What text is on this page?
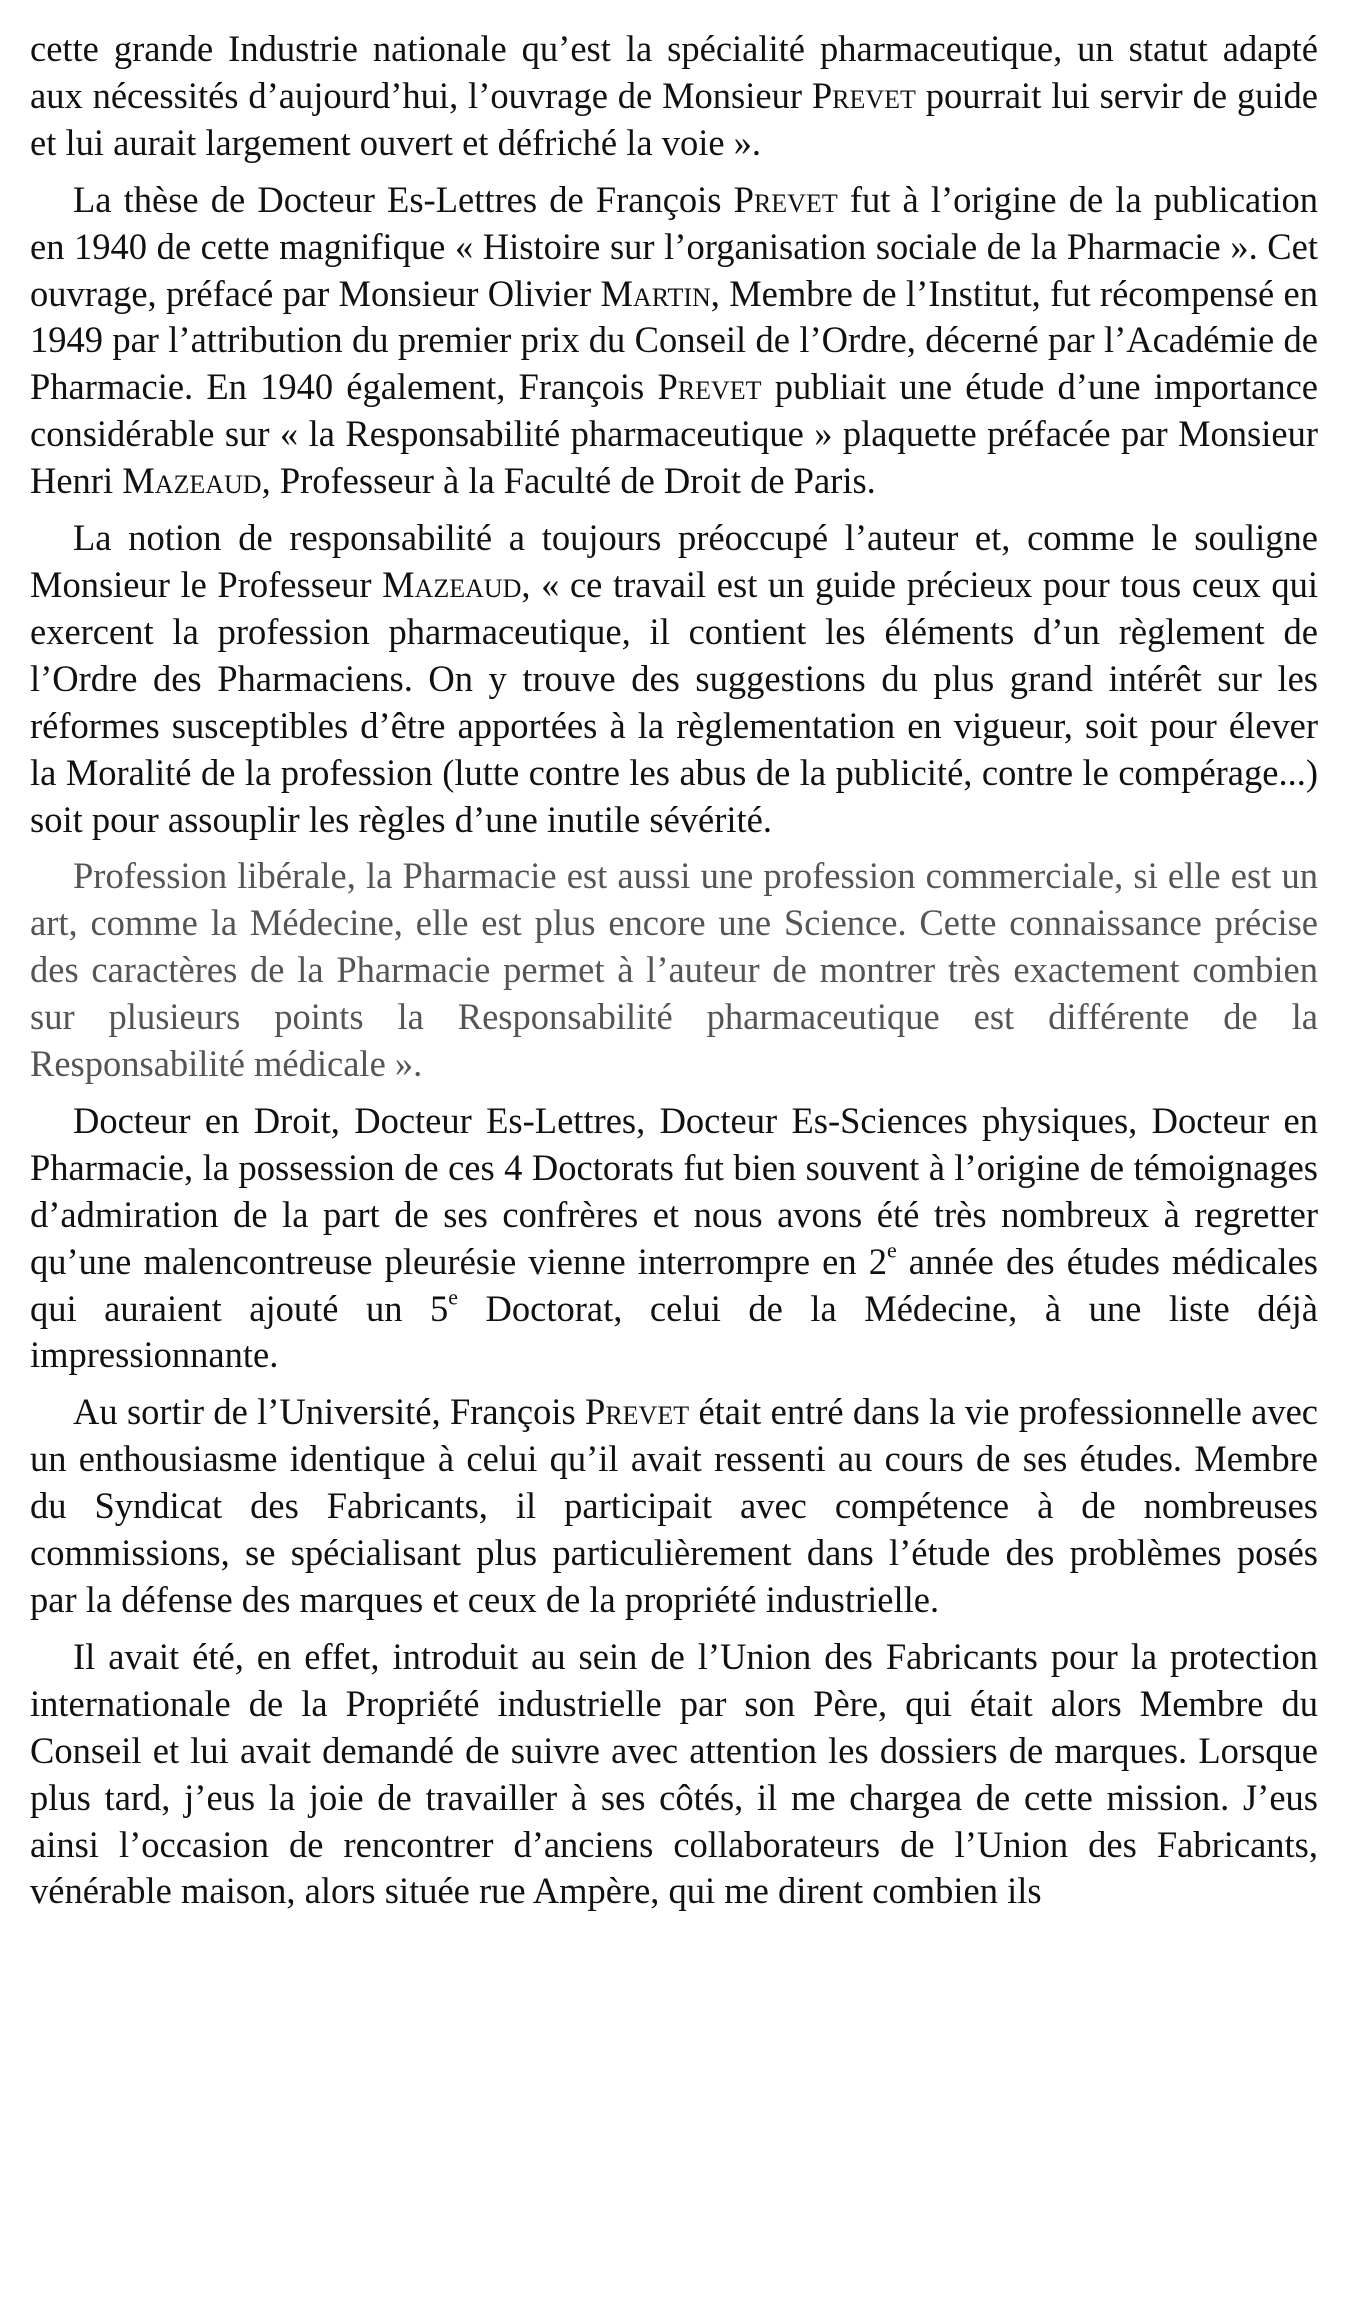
cette grande Industrie nationale qu’est la spécialité pharmaceutique, un statut adapté aux nécessités d’aujourd’hui, l’ouvrage de Monsieur Prevet pourrait lui servir de guide et lui aurait largement ouvert et défriché la voie ».

La thèse de Docteur Es-Lettres de François Prevet fut à l’origine de la publication en 1940 de cette magnifique « Histoire sur l’organisation sociale de la Pharmacie ». Cet ouvrage, préfacé par Monsieur Olivier Martin, Membre de l’Institut, fut récompensé en 1949 par l’attribution du premier prix du Conseil de l’Ordre, décerné par l’Académie de Pharmacie. En 1940 également, François Prevet publiait une étude d’une importance considérable sur « la Responsabilité pharmaceutique » plaquette préfacée par Monsieur Henri Mazeaud, Professeur à la Faculté de Droit de Paris.

La notion de responsabilité a toujours préoccupé l’auteur et, comme le souligne Monsieur le Professeur Mazeaud, « ce travail est un guide précieux pour tous ceux qui exercent la profession pharmaceutique, il contient les éléments d’un règlement de l’Ordre des Pharmaciens. On y trouve des suggestions du plus grand intérêt sur les réformes susceptibles d’être apportées à la règlementation en vigueur, soit pour élever la Moralité de la profession (lutte contre les abus de la publicité, contre le compérage...) soit pour assouplir les règles d’une inutile sévérité.

Profession libérale, la Pharmacie est aussi une profession commerciale, si elle est un art, comme la Médecine, elle est plus encore une Science. Cette connaissance précise des caractères de la Pharmacie permet à l’auteur de montrer très exactement combien sur plusieurs points la Responsabilité pharmaceutique est différente de la Responsabilité médicale ».

Docteur en Droit, Docteur Es-Lettres, Docteur Es-Sciences physiques, Docteur en Pharmacie, la possession de ces 4 Doctorats fut bien souvent à l’origine de témoignages d’admiration de la part de ses confrères et nous avons été très nombreux à regretter qu’une malencontreuse pleurésie vienne interrompre en 2e année des études médicales qui auraient ajouté un 5e Doctorat, celui de la Médecine, à une liste déjà impressionnante.

Au sortir de l’Université, François Prevet était entré dans la vie professionnelle avec un enthousiasme identique à celui qu’il avait ressenti au cours de ses études. Membre du Syndicat des Fabricants, il participait avec compétence à de nombreuses commissions, se spécialisant plus particulièrement dans l’étude des problèmes posés par la défense des marques et ceux de la propriété industrielle.

Il avait été, en effet, introduit au sein de l’Union des Fabricants pour la protection internationale de la Propriété industrielle par son Père, qui était alors Membre du Conseil et lui avait demandé de suivre avec attention les dossiers de marques. Lorsque plus tard, j’eus la joie de travailler à ses côtés, il me chargea de cette mission. J’eus ainsi l’occasion de rencontrer d’anciens collaborateurs de l’Union des Fabricants, vénérable maison, alors située rue Ampère, qui me dirent combien ils
